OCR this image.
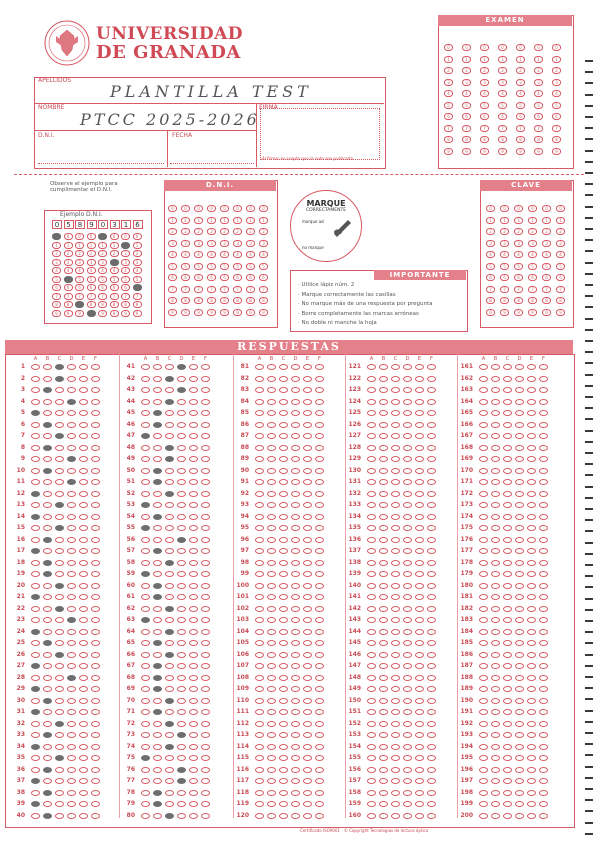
UNIVERSIDAD
DE GRANADA
APELLIDOS
NOMBRE
D.N.I.	FECHA
FIRMA
Al firmar se acepta que la nota sea publicada
PLANTILLA TEST
PTCC 2025-2026
EXAMEN
0
1
2
3
4
5
6
7
8
9
0
1
2
3
4
5
6
7
8
9
0
1
2
3
4
5
6
7
8
9
0
1
2
3
4
5
6
7
8
9
0
1
2
3
4
5
6
7
8
9
0
1
2
3
4
5
6
7
8
9
0
1
2
3
4
5
6
7
8
9
Observe el ejemplo para cumplimentar el D.N.I.
Ejemplo D.N.I.
0	5	8	9	0	3	1	6
1
2
3
4
5
6
7
8
9
0
1
2
3
4
6
7
8
9
0
1
2
3
4
5
6
7
9
0
1
2
3
4
5
6
7
8
1
2
3
4
5
6
7
8
9
0
1
2
4
5
6
7
8
9
0
2
3
4
5
6
7
8
9
0
1
2
3
4
5
7
8
9
D.N.I.
0
1
2
3
4
5
6
7
8
9
0
1
2
3
4
5
6
7
8
9
0
1
2
3
4
5
6
7
8
9
0
1
2
3
4
5
6
7
8
9
0
1
2
3
4
5
6
7
8
9
0
1
2
3
4
5
6
7
8
9
0
1
2
3
4
5
6
7
8
9
0
1
2
3
4
5
6
7
8
9
MARQUE
CORRECTAMENTE
marque así
no marque
IMPORTANTE
· Utilice lápiz núm. 2
· Marque correctamente las casillas
· No marque más de una respuesta por pregunta
· Borre completamente las marcas erróneas
· No doble ni manche la hoja
CLAVE
0
1
2
3
4
5
6
7
8
9
0
1
2
3
4
5
6
7
8
9
0
1
2
3
4
5
6
7
8
9
0
1
2
3
4
5
6
7
8
9
0
1
2
3
4
5
6
7
8
9
0
1
2
3
4
5
6
7
8
9
RESPUESTAS
A	B	C	D	E	F
1
2
3
4
5
6
7
8
9
10
11
12
13
14
15
16
17
18
19
20
21
22
23
24
25
26
27
28
29
30
31
32
33
34
35
36
37
38
39
40
A	B	C	D	E	F
41
42
43
44
45
46
47
48
49
50
51
52
53
54
55
56
57
58
59
60
61
62
63
64
65
66
67
68
69
70
71
72
73
74
75
76
77
78
79
80
A	B	C	D	E	F
81
82
83
84
85
86
87
88
89
90
91
92
93
94
95
96
97
98
99
100
101
102
103
104
105
106
107
108
109
110
111
112
113
114
115
116
117
118
119
120
A	B	C	D	E	F
121
122
123
124
125
126
127
128
129
130
131
132
133
134
135
136
137
138
139
140
141
142
143
144
145
146
147
148
149
150
151
152
153
154
155
156
157
158
159
160
A	B	C	D	E	F
161
162
163
164
165
166
167
168
169
170
171
172
173
174
175
176
177
178
179
180
181
182
183
184
185
186
187
188
189
190
191
192
193
194
195
196
197
198
199
200
Certificado ISO9001 · © Copyright Tecnologías de lectura óptica
